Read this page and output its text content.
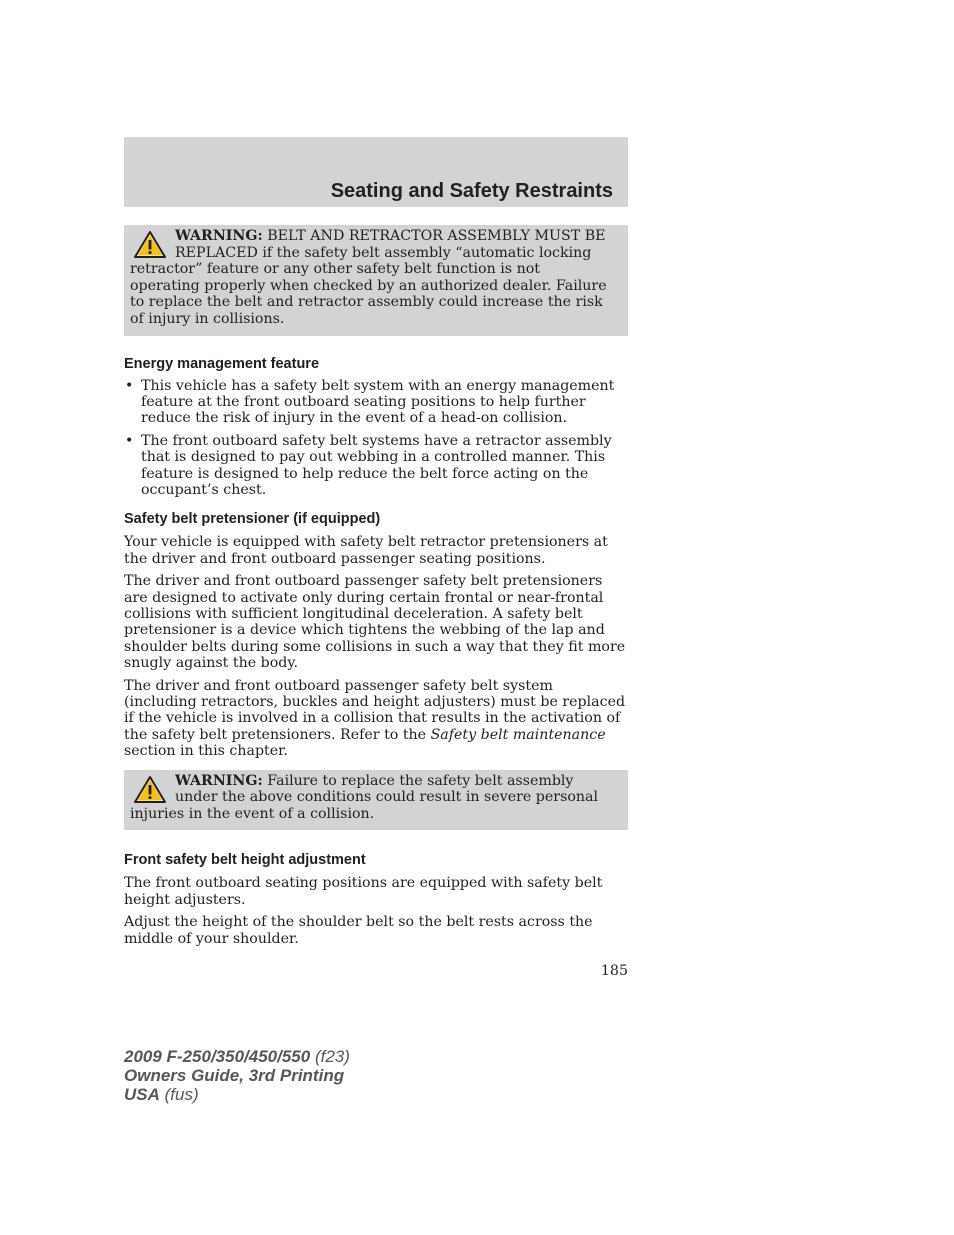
Seating and Safety Restraints
WARNING: BELT AND RETRACTOR ASSEMBLY MUST BE REPLACED if the safety belt assembly “automatic locking retractor” feature or any other safety belt function is not operating properly when checked by an authorized dealer. Failure to replace the belt and retractor assembly could increase the risk of injury in collisions.
Energy management feature
• This vehicle has a safety belt system with an energy management feature at the front outboard seating positions to help further reduce the risk of injury in the event of a head-on collision.
• The front outboard safety belt systems have a retractor assembly that is designed to pay out webbing in a controlled manner. This feature is designed to help reduce the belt force acting on the occupant’s chest.
Safety belt pretensioner (if equipped)

Your vehicle is equipped with safety belt retractor pretensioners at the driver and front outboard passenger seating positions.

The driver and front outboard passenger safety belt pretensioners are designed to activate only during certain frontal or near-frontal collisions with sufficient longitudinal deceleration. A safety belt pretensioner is a device which tightens the webbing of the lap and shoulder belts during some collisions in such a way that they fit more snugly against the body.

The driver and front outboard passenger safety belt system (including retractors, buckles and height adjusters) must be replaced if the vehicle is involved in a collision that results in the activation of the safety belt pretensioners. Refer to the Safety belt maintenance section in this chapter.

WARNING: Failure to replace the safety belt assembly under the above conditions could result in severe personal injuries in the event of a collision.
Front safety belt height adjustment

The front outboard seating positions are equipped with safety belt height adjusters.

Adjust the height of the shoulder belt so the belt rests across the middle of your shoulder.

185
2009 F-250/350/450/550 (f23)
Owners Guide, 3rd Printing
USA (fus)
